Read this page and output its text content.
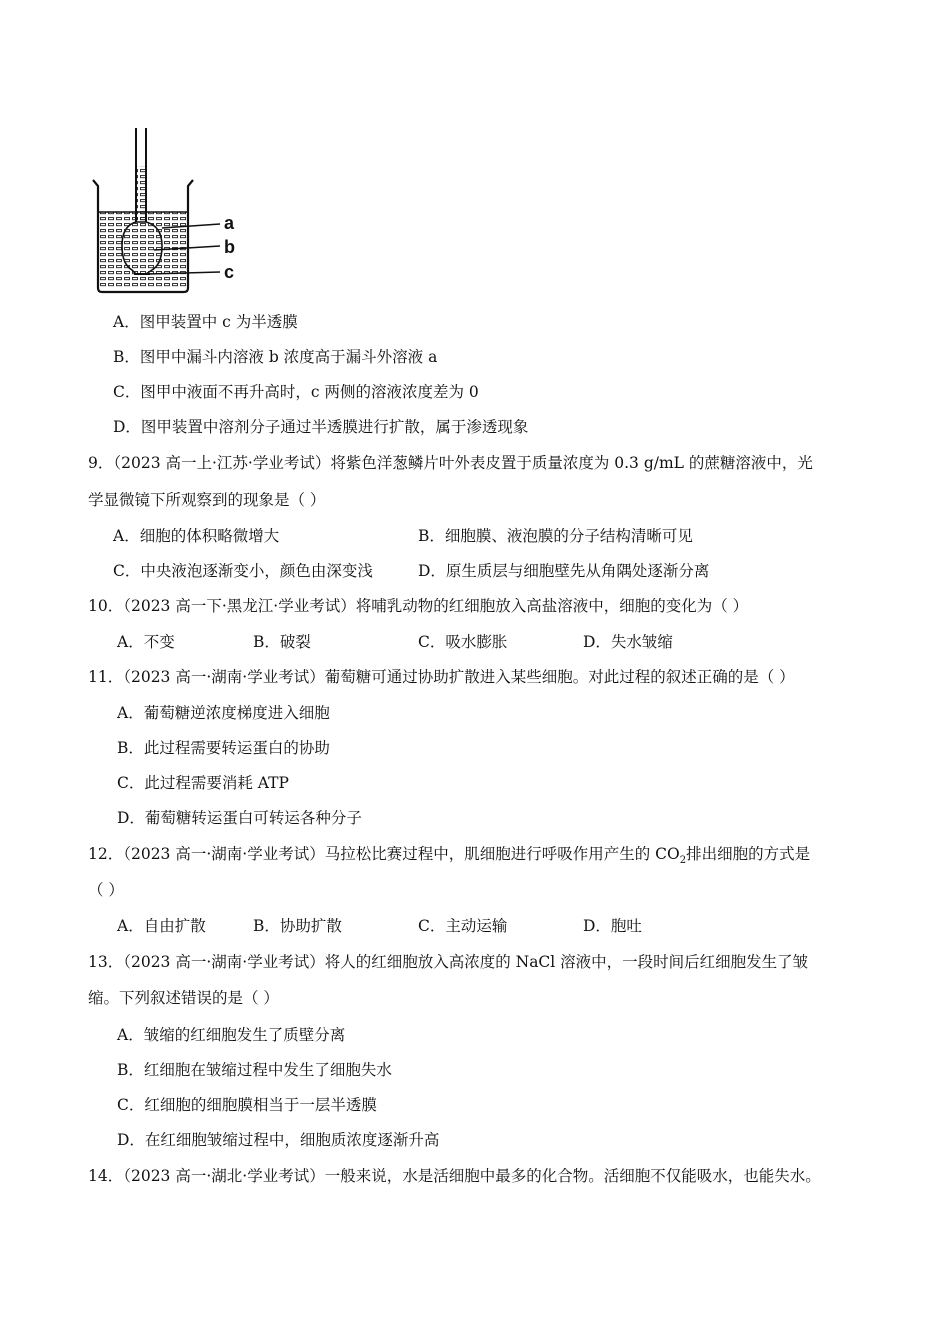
a
b
c
A．图甲装置中 c 为半透膜
B．图甲中漏斗内溶液 b 浓度高于漏斗外溶液 a
C．图甲中液面不再升高时，c 两侧的溶液浓度差为 0
D．图甲装置中溶剂分子通过半透膜进行扩散，属于渗透现象
9．（2023 高一上·江苏·学业考试）将紫色洋葱鳞片叶外表皮置于质量浓度为 0.3 g/mL 的蔗糖溶液中，光
学显微镜下所观察到的现象是（ ）
A．细胞的体积略微增大	B．细胞膜、液泡膜的分子结构清晰可见
C．中央液泡逐渐变小，颜色由深变浅	D．原生质层与细胞壁先从角隅处逐渐分离
10．（2023 高一下·黑龙江·学业考试）将哺乳动物的红细胞放入高盐溶液中，细胞的变化为（ ）
A．不变	B．破裂	C．吸水膨胀	D．失水皱缩
11．（2023 高一·湖南·学业考试）葡萄糖可通过协助扩散进入某些细胞。对此过程的叙述正确的是（ ）
A．葡萄糖逆浓度梯度进入细胞
B．此过程需要转运蛋白的协助
C．此过程需要消耗 ATP
D．葡萄糖转运蛋白可转运各种分子
12．（2023 高一·湖南·学业考试）马拉松比赛过程中，肌细胞进行呼吸作用产生的 $CO_2$排出细胞的方式是
（ ）
A．自由扩散	B．协助扩散	C．主动运输	D．胞吐
13．（2023 高一·湖南·学业考试）将人的红细胞放入高浓度的 NaCl 溶液中，一段时间后红细胞发生了皱
缩。下列叙述错误的是（ ）
A．皱缩的红细胞发生了质壁分离
B．红细胞在皱缩过程中发生了细胞失水
C．红细胞的细胞膜相当于一层半透膜
D．在红细胞皱缩过程中，细胞质浓度逐渐升高
14．（2023 高一·湖北·学业考试）一般来说，水是活细胞中最多的化合物。活细胞不仅能吸水，也能失水。
